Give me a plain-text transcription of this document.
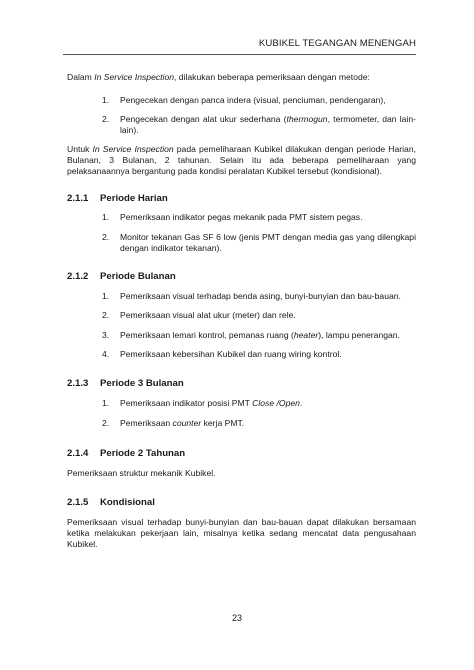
KUBIKEL TEGANGAN MENENGAH
Dalam In Service Inspection, dilakukan beberapa pemeriksaan dengan metode:
1. Pengecekan dengan panca indera (visual, penciuman, pendengaran),
2. Pengecekan dengan alat ukur sederhana (thermogun, termometer, dan lain-lain).
Untuk In Service Inspection pada pemeliharaan Kubikel dilakukan dengan periode Harian, Bulanan, 3 Bulanan, 2 tahunan. Selain itu ada beberapa pemeliharaan yang pelaksanaannya bergantung pada kondisi peralatan Kubikel tersebut (kondisional).
2.1.1 Periode Harian
1. Pemeriksaan indikator pegas mekanik pada PMT sistem pegas.
2. Monitor tekanan Gas SF 6 low (jenis PMT dengan media gas yang dilengkapi dengan indikator tekanan).
2.1.2 Periode Bulanan
1. Pemeriksaan visual terhadap benda asing, bunyi-bunyian dan bau-bauan.
2. Pemeriksaan visual alat ukur (meter) dan rele.
3. Pemeriksaan lemari kontrol, pemanas ruang (heater), lampu penerangan.
4. Pemeriksaan kebersihan Kubikel dan ruang wiring kontrol.
2.1.3 Periode 3 Bulanan
1. Pemeriksaan indikator posisi PMT Close /Open.
2. Pemeriksaan counter kerja PMT.
2.1.4 Periode 2 Tahunan
Pemeriksaan struktur mekanik Kubikel.
2.1.5 Kondisional
Pemeriksaan visual terhadap bunyi-bunyian dan bau-bauan dapat dilakukan bersamaan ketika melakukan pekerjaan lain, misalnya ketika sedang mencatat data pengusahaan Kubikel.
23
